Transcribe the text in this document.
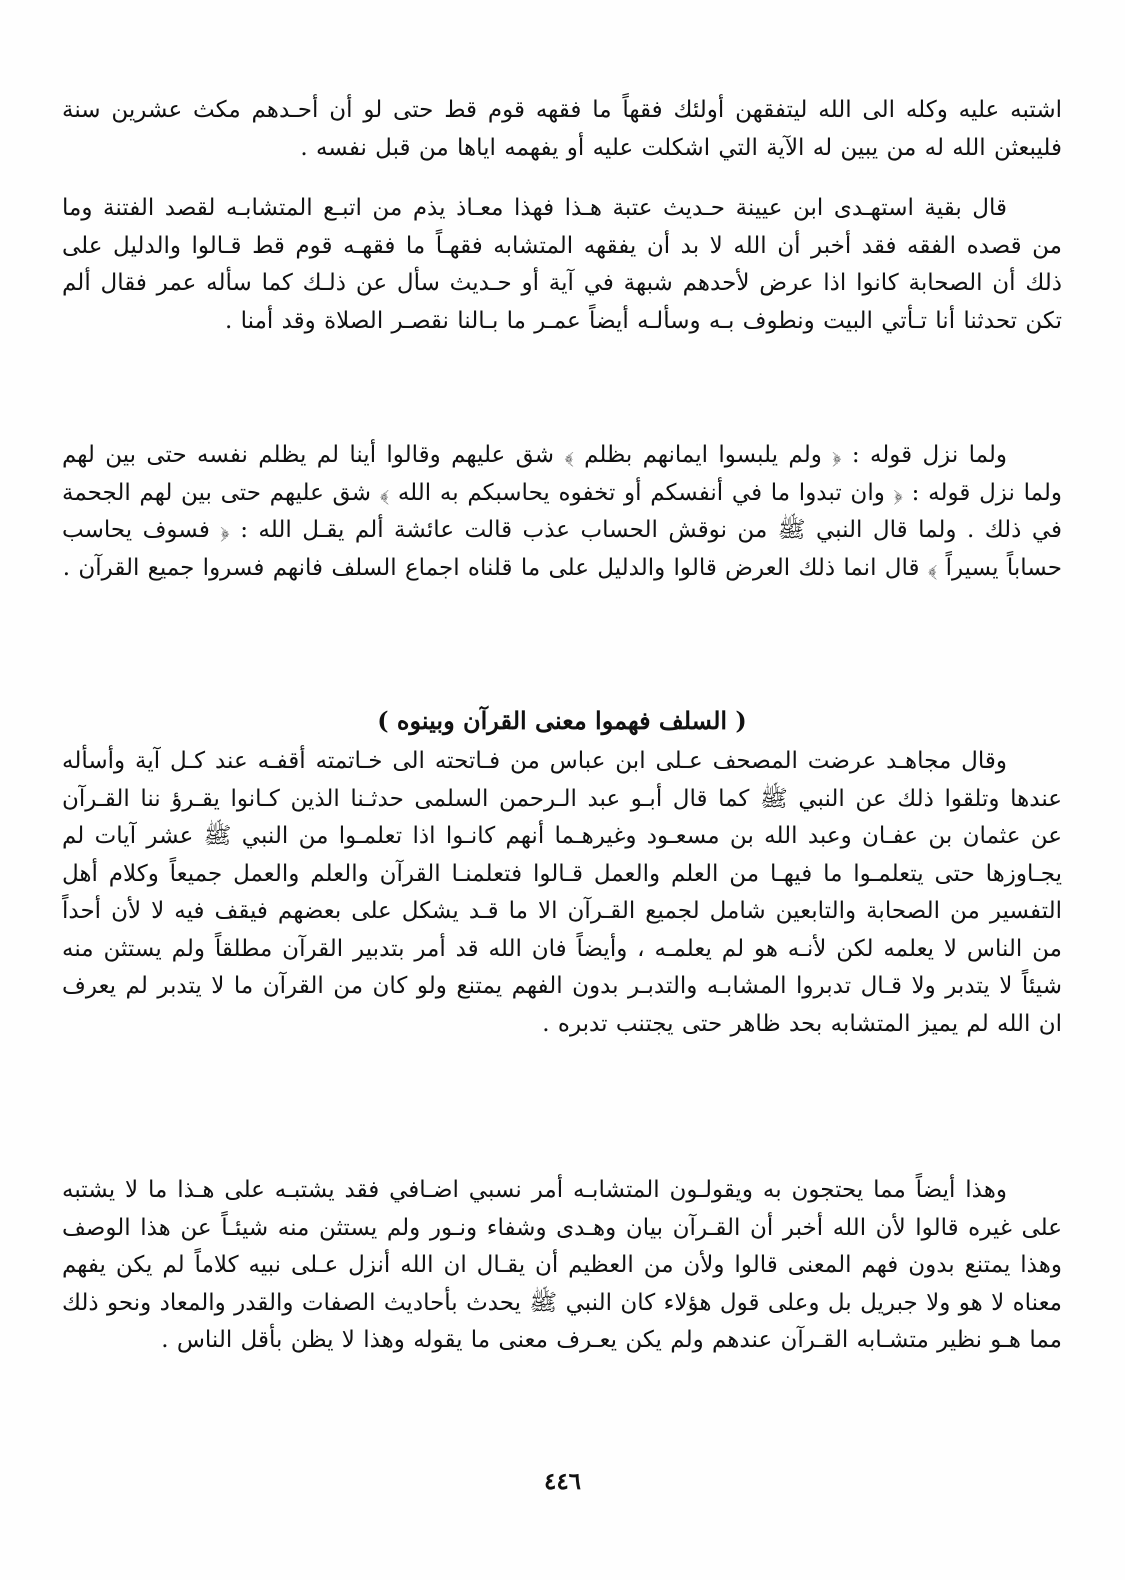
اشتبه عليه وكله الى الله ليتفقهن أولئك فقهاً ما فقهه قوم قط حتى لو أن أحـدهم مكث عشرين سنة فليبعثن الله له من يبين له الآية التي اشكلت عليه أو يفهمه اياها من قبل نفسه .

قال بقية استهـدى ابن عيينة حـديث عتبة هـذا فهذا معـاذ يذم من اتبـع المتشابـه لقصد الفتنة وما من قصده الفقه فقد أخبر أن الله لا بد أن يفقهه المتشابه فقهـاً ما فقهـه قوم قط قـالوا والدليل على ذلك أن الصحابة كانوا اذا عرض لأحدهم شبهة في آية أو حـديث سأل عن ذلـك كما سأله عمر فقال ألم تكن تحدثنا أنا تـأتي البيت ونطوف بـه وسألـه أيضاً عمـر ما بـالنا نقصـر الصلاة وقد أمنا .

ولما نزل قوله : ﴿ ولم يلبسوا ايمانهم بظلم ﴾ شق عليهم وقالوا أينا لم يظلم نفسه حتى بين لهم ولما نزل قوله : ﴿ وان تبدوا ما في أنفسكم أو تخفوه يحاسبكم به الله ﴾ شق عليهم حتى بين لهم الجحمة في ذلك . ولما قال النبي ﷺ من نوقش الحساب عذب قالت عائشة ألم يقـل الله : ﴿ فسوف يحاسب حساباً يسيراً ﴾ قال انما ذلك العرض قالوا والدليل على ما قلناه اجماع السلف فانهم فسروا جميع القرآن .

( السلف فهموا معنى القرآن وبينوه )

وقال مجاهـد عرضت المصحف عـلى ابن عباس من فـاتحته الى خـاتمته أقفـه عند كـل آية وأسأله عندها وتلقوا ذلك عن النبي ﷺ كما قال أبـو عبد الـرحمن السلمى حدثـنا الذين كـانوا يقـرؤ ننا القـرآن عن عثمان بن عفـان وعبد الله بن مسعـود وغيرهـما أنهم كانـوا اذا تعلمـوا من النبي ﷺ عشر آيات لم يجـاوزها حتى يتعلمـوا ما فيهـا من العلم والعمل قـالوا فتعلمنـا القرآن والعلم والعمل جميعاً وكلام أهل التفسير من الصحابة والتابعين شامل لجميع القـرآن الا ما قـد يشكل على بعضهم فيقف فيه لا لأن أحداً من الناس لا يعلمه لكن لأنـه هو لم يعلمـه ، وأيضاً فان الله قد أمر بتدبير القرآن مطلقاً ولم يستثن منه شيئاً لا يتدبر ولا قـال تدبروا المشابـه والتدبـر بدون الفهم يمتنع ولو كان من القرآن ما لا يتدبر لم يعرف ان الله لم يميز المتشابه بحد ظاهر حتى يجتنب تدبره .

وهذا أيضاً مما يحتجون به ويقولـون المتشابـه أمر نسبي اضـافي فقد يشتبـه على هـذا ما لا يشتبه على غيره قالوا لأن الله أخبر أن القـرآن بيان وهـدى وشفاء ونـور ولم يستثن منه شيئـاً عن هذا الوصف وهذا يمتنع بدون فهم المعنى قالوا ولأن من العظيم أن يقـال ان الله أنزل عـلى نبيه كلاماً لم يكن يفهم معناه لا هو ولا جبريل بل وعلى قول هؤلاء كان النبي ﷺ يحدث بأحاديث الصفات والقدر والمعاد ونحو ذلك مما هـو نظير متشـابه القـرآن عندهم ولم يكن يعـرف معنى ما يقوله وهذا لا يظن بأقل الناس .

٤٤٦
